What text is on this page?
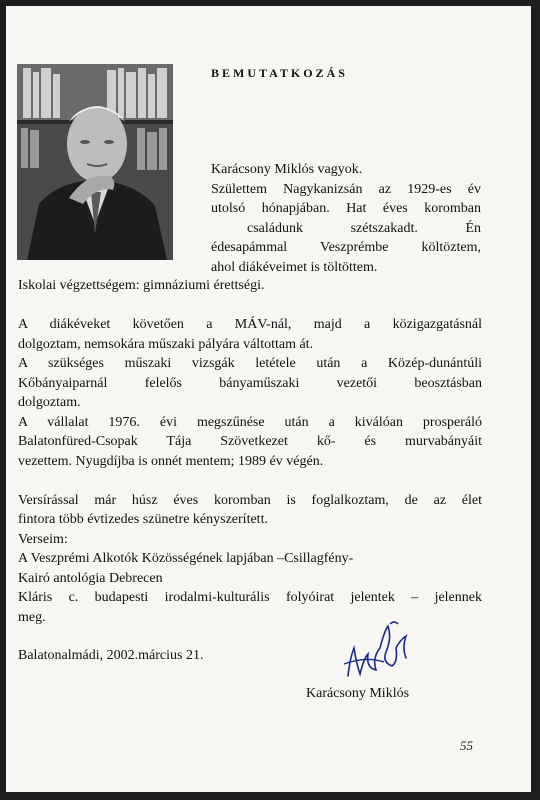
BEMUTATKOZÁS
Karácsony Miklós vagyok.
Születtem Nagykanizsán az 1929-es év
utolsó hónapjában. Hat éves koromban
családunk szétszakadt. Én
édesapámmal Veszprémbe költöztem,
ahol diákéveimet is töltöttem.
Iskolai végzettségem: gimnáziumi érettségi.
A diákéveket követően a MÁV-nál, majd a közigazgatásnál
dolgoztam, nemsokára műszaki pályára váltottam át.
A szükséges műszaki vizsgák letétele után a Közép-dunántúli
Kőbányaiparnál felelős bányaműszaki vezetői beosztásban
dolgoztam.
A vállalat 1976. évi megszűnése után a kiválóan prosperáló
Balatonfüred-Csopak Tája Szövetkezet kő- és murvabányáit
vezettem. Nyugdíjba is onnét mentem; 1989 év végén.
Versírással már húsz éves koromban is foglalkoztam, de az élet
fintora több évtizedes szünetre kényszerített.
Verseim:
A Veszprémi Alkotók Közösségének lapjában –Csillagfény-
Kairó antológia Debrecen
Kláris c. budapesti irodalmi-kulturális folyóirat jelentek – jelennek
meg.
Balatonalmádi, 2002.március 21.
Karácsony Miklós
55
